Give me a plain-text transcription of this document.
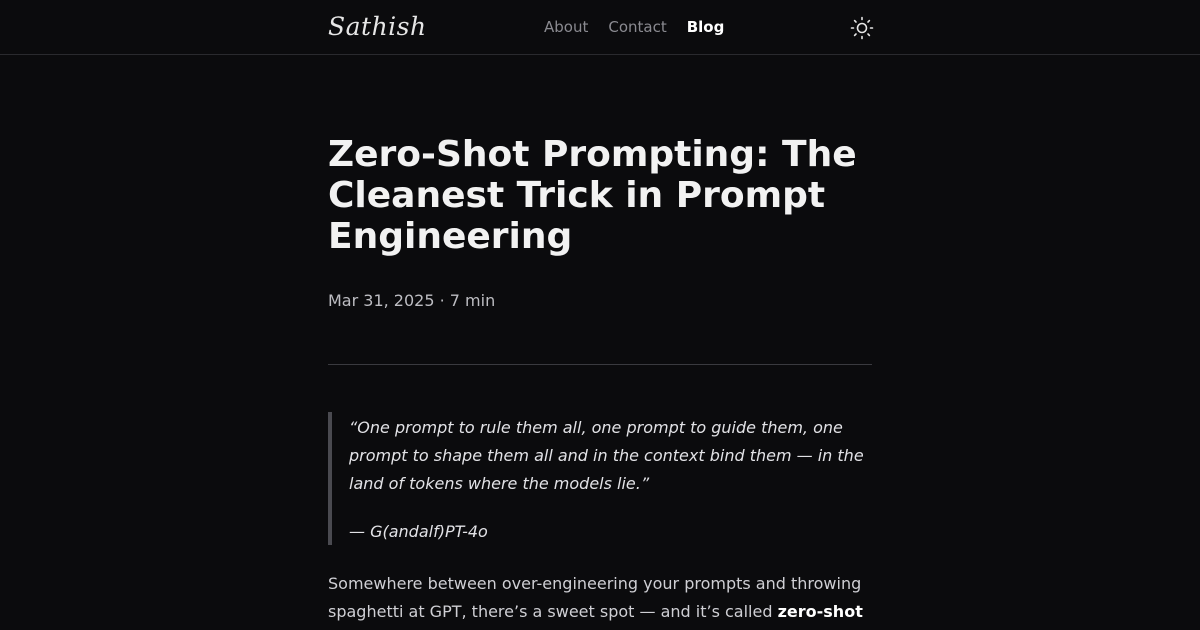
Sathish	About Contact Blog
Zero-Shot Prompting: The Cleanest Trick in Prompt Engineering
Mar 31, 2025 · 7 min

“One prompt to rule them all, one prompt to guide them, one prompt to shape them all and in the context bind them — in the land of tokens where the models lie.”

— G(andalf)PT-4o

Somewhere between over-engineering your prompts and throwing spaghetti at GPT, there’s a sweet spot — and it’s called zero-shot
